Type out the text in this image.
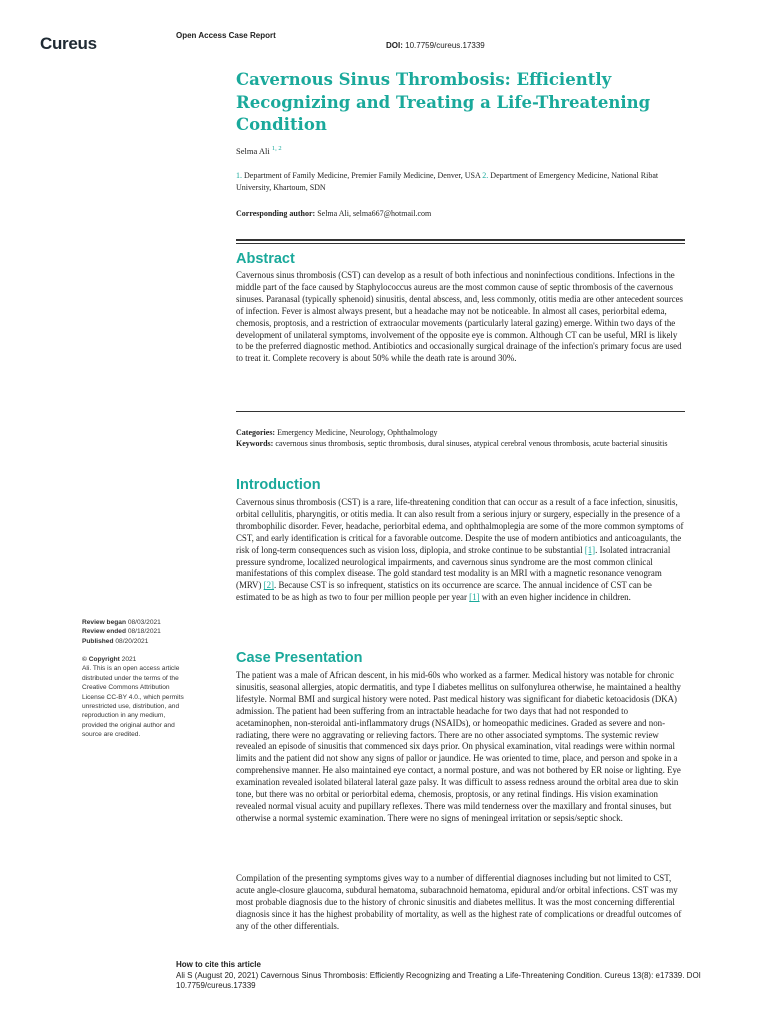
Cureus	Open Access Case Report
DOI: 10.7759/cureus.17339
Cavernous Sinus Thrombosis: Efficiently Recognizing and Treating a Life-Threatening Condition
Selma Ali $^{1, 2}$
1. Department of Family Medicine, Premier Family Medicine, Denver, USA 2. Department of Emergency Medicine, National Ribat University, Khartoum, SDN
Corresponding author: Selma Ali, selma667@hotmail.com
Abstract
Cavernous sinus thrombosis (CST) can develop as a result of both infectious and noninfectious conditions. Infections in the middle part of the face caused by Staphylococcus aureus are the most common cause of septic thrombosis of the cavernous sinuses. Paranasal (typically sphenoid) sinusitis, dental abscess, and, less commonly, otitis media are other antecedent sources of infection. Fever is almost always present, but a headache may not be noticeable. In almost all cases, periorbital edema, chemosis, proptosis, and a restriction of extraocular movements (particularly lateral gazing) emerge. Within two days of the development of unilateral symptoms, involvement of the opposite eye is common. Although CT can be useful, MRI is likely to be the preferred diagnostic method. Antibiotics and occasionally surgical drainage of the infection's primary focus are used to treat it. Complete recovery is about 50% while the death rate is around 30%.
Categories: Emergency Medicine, Neurology, Ophthalmology
Keywords: cavernous sinus thrombosis, septic thrombosis, dural sinuses, atypical cerebral venous thrombosis, acute bacterial sinusitis
Introduction
Cavernous sinus thrombosis (CST) is a rare, life-threatening condition that can occur as a result of a face infection, sinusitis, orbital cellulitis, pharyngitis, or otitis media. It can also result from a serious injury or surgery, especially in the presence of a thrombophilic disorder. Fever, headache, periorbital edema, and ophthalmoplegia are some of the more common symptoms of CST, and early identification is critical for a favorable outcome. Despite the use of modern antibiotics and anticoagulants, the risk of long-term consequences such as vision loss, diplopia, and stroke continue to be substantial [1]. Isolated intracranial pressure syndrome, localized neurological impairments, and cavernous sinus syndrome are the most common clinical manifestations of this complex disease. The gold standard test modality is an MRI with a magnetic resonance venogram (MRV) [2]. Because CST is so infrequent, statistics on its occurrence are scarce. The annual incidence of CST can be estimated to be as high as two to four per million people per year [1] with an even higher incidence in children.
Case Presentation
The patient was a male of African descent, in his mid-60s who worked as a farmer. Medical history was notable for chronic sinusitis, seasonal allergies, atopic dermatitis, and type I diabetes mellitus on sulfonylurea otherwise, he maintained a healthy lifestyle. Normal BMI and surgical history were noted. Past medical history was significant for diabetic ketoacidosis (DKA) admission. The patient had been suffering from an intractable headache for two days that had not responded to acetaminophen, non-steroidal anti-inflammatory drugs (NSAIDs), or homeopathic medicines. Graded as severe and non-radiating, there were no aggravating or relieving factors. There are no other associated symptoms. The systemic review revealed an episode of sinusitis that commenced six days prior. On physical examination, vital readings were within normal limits and the patient did not show any signs of pallor or jaundice. He was oriented to time, place, and person and spoke in a comprehensive manner. He also maintained eye contact, a normal posture, and was not bothered by ER noise or lighting. Eye examination revealed isolated bilateral lateral gaze palsy. It was difficult to assess redness around the orbital area due to skin tone, but there was no orbital or periorbital edema, chemosis, proptosis, or any retinal findings. His vision examination revealed normal visual acuity and pupillary reflexes. There was mild tenderness over the maxillary and frontal sinuses, but otherwise a normal systemic examination. There were no signs of meningeal irritation or sepsis/septic shock.
Compilation of the presenting symptoms gives way to a number of differential diagnoses including but not limited to CST, acute angle-closure glaucoma, subdural hematoma, subarachnoid hematoma, epidural and/or orbital infections. CST was my most probable diagnosis due to the history of chronic sinusitis and diabetes mellitus. It was the most concerning differential diagnosis since it has the highest probability of mortality, as well as the highest rate of complications or dreadful outcomes of any of the other differentials.
Review began 08/03/2021
Review ended 08/18/2021
Published 08/20/2021
© Copyright 2021
Ali. This is an open access article distributed under the terms of the Creative Commons Attribution License CC-BY 4.0., which permits unrestricted use, distribution, and reproduction in any medium, provided the original author and source are credited.
How to cite this article
Ali S (August 20, 2021) Cavernous Sinus Thrombosis: Efficiently Recognizing and Treating a Life-Threatening Condition. Cureus 13(8): e17339. DOI 10.7759/cureus.17339
